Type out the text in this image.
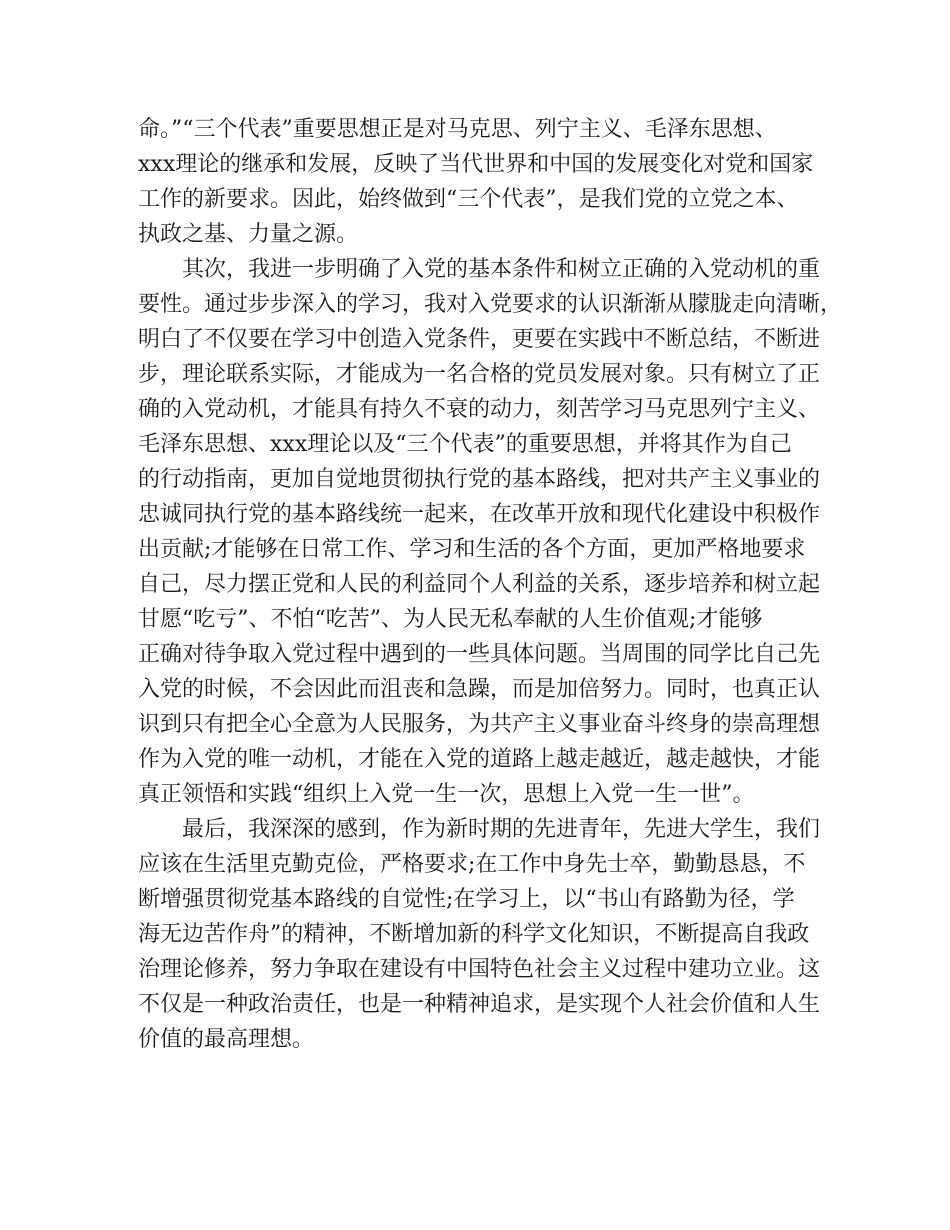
命。”“三个代表”重要思想正是对马克思、列宁主义、毛泽东思想、
xxx理论的继承和发展，反映了当代世界和中国的发展变化对党和国家
工作的新要求。因此，始终做到“三个代表”，是我们党的立党之本、
执政之基、力量之源。
其次，我进一步明确了入党的基本条件和树立正确的入党动机的重
要性。通过步步深入的学习，我对入党要求的认识渐渐从朦胧走向清晰，
明白了不仅要在学习中创造入党条件，更要在实践中不断总结，不断进
步，理论联系实际，才能成为一名合格的党员发展对象。只有树立了正
确的入党动机，才能具有持久不衰的动力，刻苦学习马克思列宁主义、
毛泽东思想、xxx理论以及“三个代表”的重要思想，并将其作为自己
的行动指南，更加自觉地贯彻执行党的基本路线，把对共产主义事业的
忠诚同执行党的基本路线统一起来，在改革开放和现代化建设中积极作
出贡献;才能够在日常工作、学习和生活的各个方面，更加严格地要求
自己，尽力摆正党和人民的利益同个人利益的关系，逐步培养和树立起
甘愿“吃亏”、不怕“吃苦”、为人民无私奉献的人生价值观;才能够
正确对待争取入党过程中遇到的一些具体问题。当周围的同学比自己先
入党的时候，不会因此而沮丧和急躁，而是加倍努力。同时，也真正认
识到只有把全心全意为人民服务，为共产主义事业奋斗终身的崇高理想
作为入党的唯一动机，才能在入党的道路上越走越近，越走越快，才能
真正领悟和实践“组织上入党一生一次，思想上入党一生一世”。
最后，我深深的感到，作为新时期的先进青年，先进大学生，我们
应该在生活里克勤克俭，严格要求;在工作中身先士卒，勤勤恳恳，不
断增强贯彻党基本路线的自觉性;在学习上，以“书山有路勤为径，学
海无边苦作舟”的精神，不断增加新的科学文化知识，不断提高自我政
治理论修养，努力争取在建设有中国特色社会主义过程中建功立业。这
不仅是一种政治责任，也是一种精神追求，是实现个人社会价值和人生
价值的最高理想。
